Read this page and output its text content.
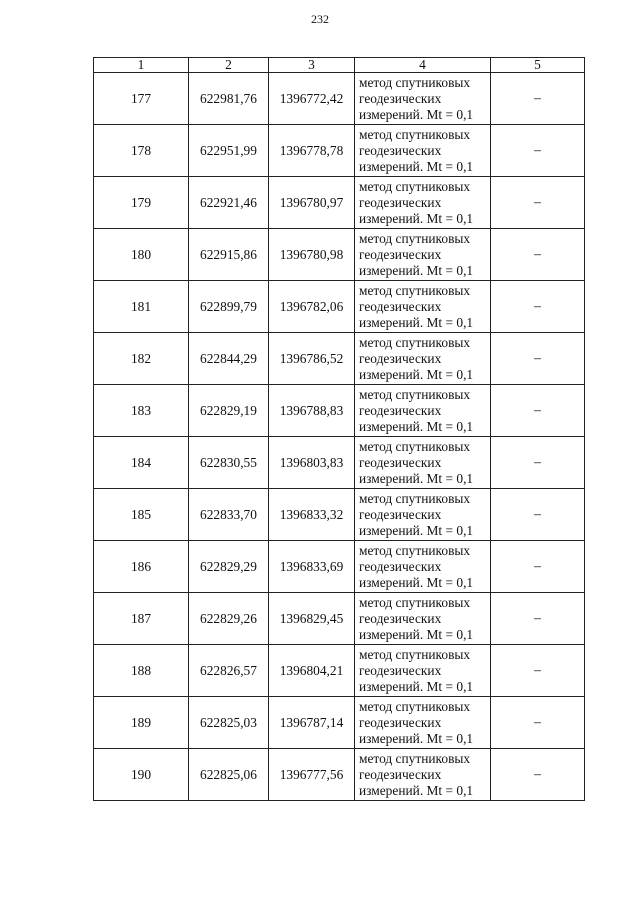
232
1	2	3	4	5
177	622981,76	1396772,42	метод спутниковых
геодезических
измерений. Mt = 0,1	–
178	622951,99	1396778,78	метод спутниковых
геодезических
измерений. Mt = 0,1	–
179	622921,46	1396780,97	метод спутниковых
геодезических
измерений. Mt = 0,1	–
180	622915,86	1396780,98	метод спутниковых
геодезических
измерений. Mt = 0,1	–
181	622899,79	1396782,06	метод спутниковых
геодезических
измерений. Mt = 0,1	–
182	622844,29	1396786,52	метод спутниковых
геодезических
измерений. Mt = 0,1	–
183	622829,19	1396788,83	метод спутниковых
геодезических
измерений. Mt = 0,1	–
184	622830,55	1396803,83	метод спутниковых
геодезических
измерений. Mt = 0,1	–
185	622833,70	1396833,32	метод спутниковых
геодезических
измерений. Mt = 0,1	–
186	622829,29	1396833,69	метод спутниковых
геодезических
измерений. Mt = 0,1	–
187	622829,26	1396829,45	метод спутниковых
геодезических
измерений. Mt = 0,1	–
188	622826,57	1396804,21	метод спутниковых
геодезических
измерений. Mt = 0,1	–
189	622825,03	1396787,14	метод спутниковых
геодезических
измерений. Mt = 0,1	–
190	622825,06	1396777,56	метод спутниковых
геодезических
измерений. Mt = 0,1	–
